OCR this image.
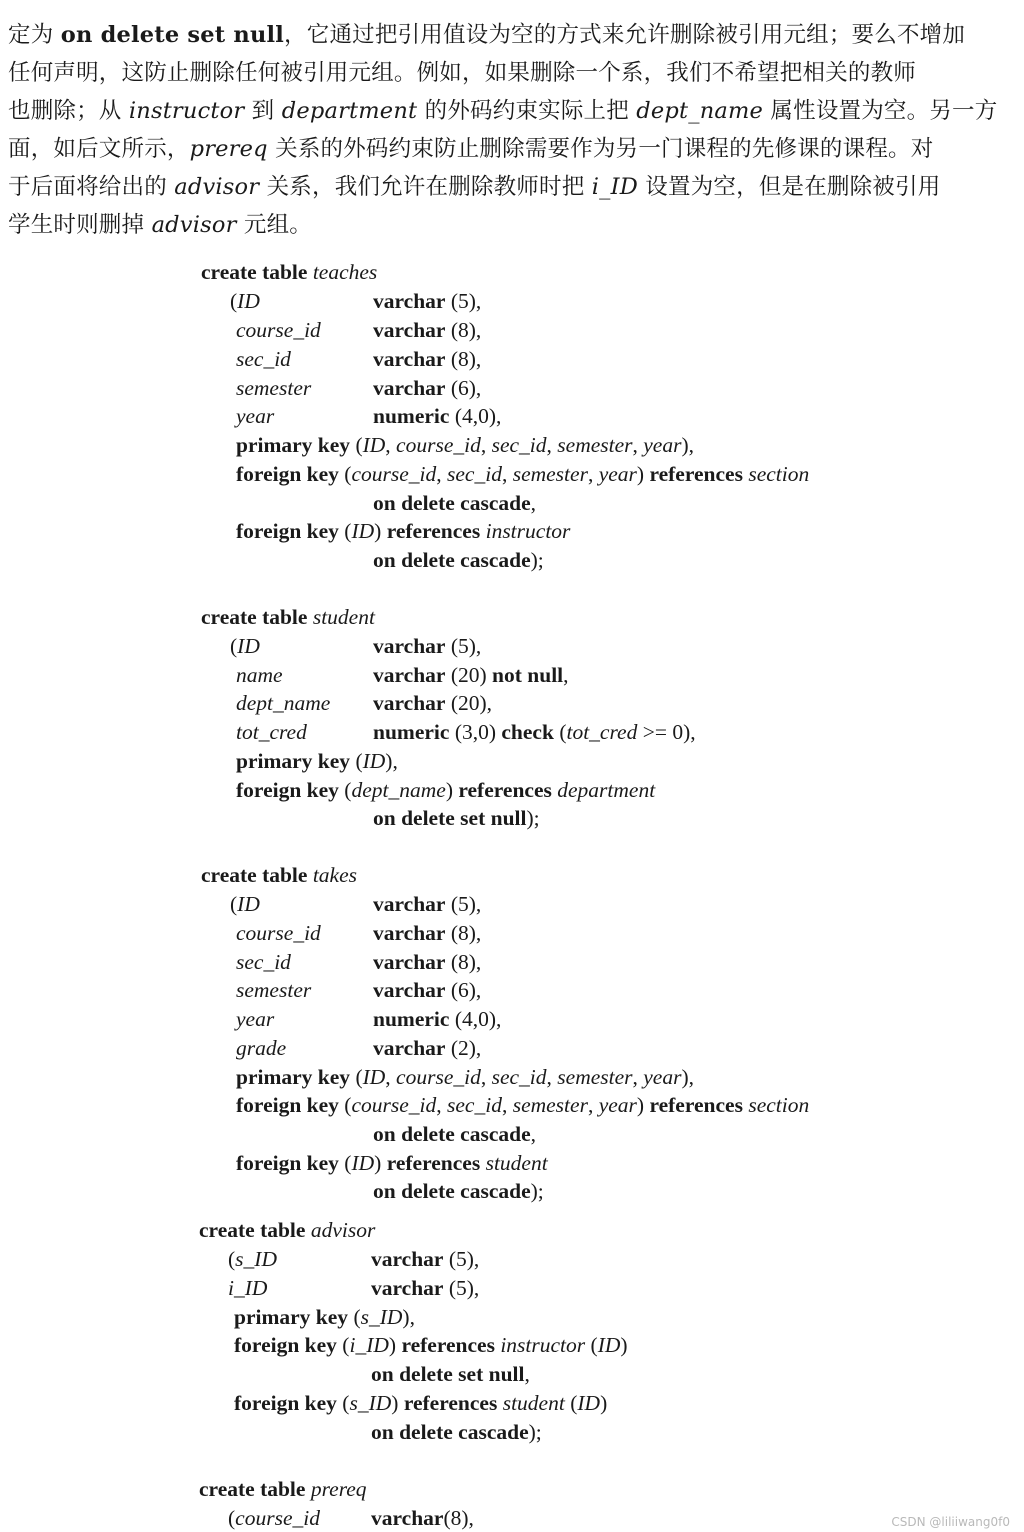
定为 on delete set null，它通过把引用值设为空的方式来允许删除被引用元组；要么不增加
任何声明，这防止删除任何被引用元组。例如，如果删除一个系，我们不希望把相关的教师
也删除；从 instructor 到 department 的外码约束实际上把 dept_name 属性设置为空。另一方
面，如后文所示，prereq 关系的外码约束防止删除需要作为另一门课程的先修课的课程。对
于后面将给出的 advisor 关系，我们允许在删除教师时把 i_ID 设置为空，但是在删除被引用
学生时则删掉 advisor 元组。
create table teaches
(ID	varchar (5),
course_id varchar (8),
sec_id	varchar (8),
semester	varchar (6),
year	numeric (4,0),
primary key (ID, course_id, sec_id, semester, year),
foreign key (course_id, sec_id, semester, year) references section
on delete cascade,
foreign key (ID) references instructor
on delete cascade);
create table student
(ID	varchar (5),
name	varchar (20) not null,
dept_name varchar (20),
tot_cred	numeric (3,0) check (tot_cred >= 0),
primary key (ID),
foreign key (dept_name) references department
on delete set null);
create table takes
(ID	varchar (5),
course_id varchar (8),
sec_id	varchar (8),
semester	varchar (6),
year	numeric (4,0),
grade	varchar (2),
primary key (ID, course_id, sec_id, semester, year),
foreign key (course_id, sec_id, semester, year) references section
on delete cascade,
foreign key (ID) references student
on delete cascade);
create table advisor
(s_ID	varchar (5),
i_ID	varchar (5),
primary key (s_ID),
foreign key (i_ID) references instructor (ID)
on delete set null,
foreign key (s_ID) references student (ID)
on delete cascade);
create table prereq
(course_id varchar(8),	CSDN @liliiwang0f0
